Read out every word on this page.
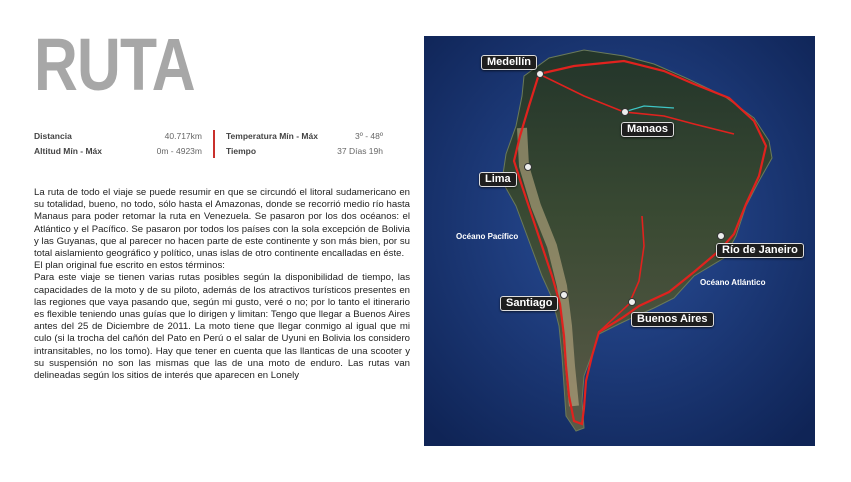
RUTA
Distancia	40.717km
Altitud Mín - Máx	0m - 4923m
Temperatura Mín - Máx	3º - 48º
Tiempo	37 Días 19h

La ruta de todo el viaje se puede resumir en que se circundó el litoral sudamericano en su totalidad, bueno, no todo, sólo hasta el Amazonas, donde se recorrió medio río hasta Manaus para poder retomar la ruta en Venezuela. Se pasaron por los dos océanos: el Atlántico y el Pacífico. Se pasaron por todos los países con la sola excepción de Bolivia y las Guyanas, que al parecer no hacen parte de este continente y son más bien, por su total aislamiento geográfico y político, unas islas de otro continente encalladas en éste.

El plan original fue escrito en estos términos:

Para este viaje se tienen varias rutas posibles según la disponibilidad de tiempo, las capacidades de la moto y de su piloto, además de los atractivos turísticos presentes en las regiones que vaya pasando que, según mi gusto, veré o no; por lo tanto el itinerario es flexible teniendo unas guías que lo dirigen y limitan: Tengo que llegar a Buenos Aires antes del 25 de Diciembre de 2011. La moto tiene que llegar conmigo al igual que mi culo (si la trocha del cañón del Pato en Perú o el salar de Uyuni en Bolivia los considero intransitables, no los tomo). Hay que tener en cuenta que las llanticas de una scooter y su suspensión no son las mismas que las de una moto de enduro. Las rutas van delineadas según los sitios de interés que aparecen en Lonely

Medellín
Manaos
Lima
Río de Janeiro
Santiago
Buenos Aires
Océano Pacífico
Océano Atlántico
